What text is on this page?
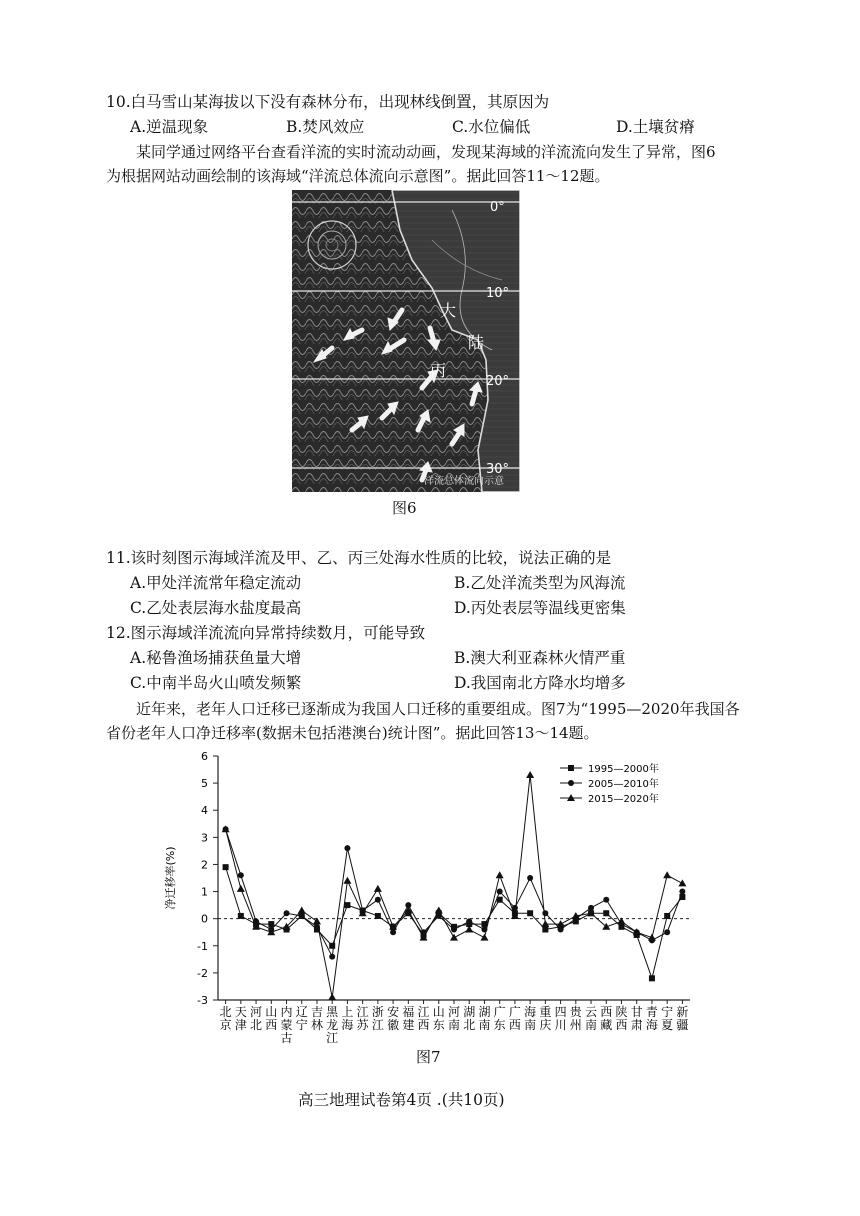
10.白马雪山某海拔以下没有森林分布，出现林线倒置，其原因为
A.逆温现象	B.焚风效应	C.水位偏低	D.土壤贫瘠
某同学通过网络平台查看洋流的实时流动动画，发现某海域的洋流流向发生了异常，图6
为根据网站动画绘制的该海域“洋流总体流向示意图”。据此回答11～12题。
0°
10°
20°
30°
大
陆
丙
洋流总体流向示意
图6
11.该时刻图示海域洋流及甲、乙、丙三处海水性质的比较，说法正确的是
A.甲处洋流常年稳定流动	B.乙处洋流类型为风海流
C.乙处表层海水盐度最高	D.丙处表层等温线更密集
12.图示海域洋流流向异常持续数月，可能导致
A.秘鲁渔场捕获鱼量大增	B.澳大利亚森林火情严重
C.中南半岛火山喷发频繁	D.我国南北方降水均增多
近年来，老年人口迁移已逐渐成为我国人口迁移的重要组成。图7为“1995—2020年我国各
省份老年人口净迁移率(数据未包括港澳台)统计图”。据此回答13～14题。
-3
-2
-1
0
1
2
3
4
5
6
净迁移率(%)
北京
天津
河北
山西
内蒙古
辽宁
吉林
黑龙江
上海
江苏
浙江
安徽
福建
江西
山东
河南
湖北
湖南
广东
广西
海南
重庆
四川
贵州
云南
西藏
陕西
甘肃
青海
宁夏
新疆
1995—2000年
2005—2010年
2015—2020年
图7
高三地理试卷第4页 .(共10页)
